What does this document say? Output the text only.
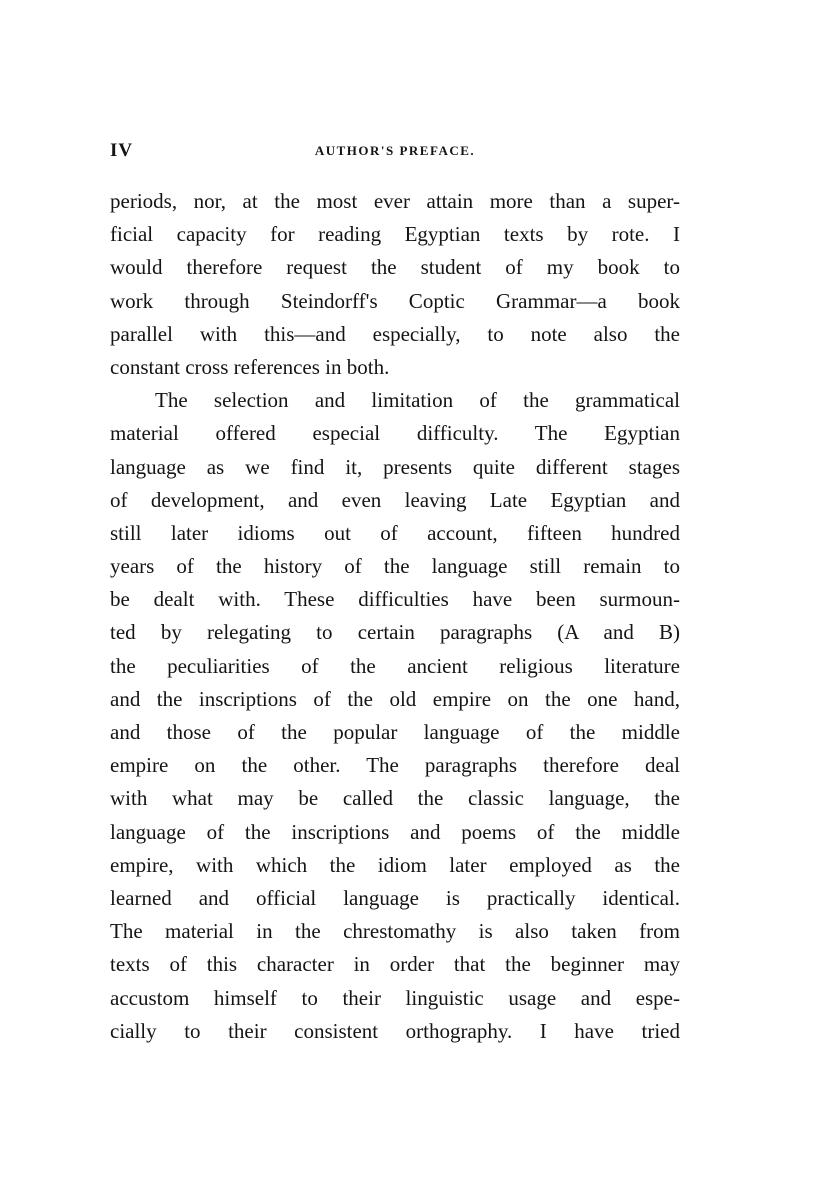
IV	AUTHOR'S PREFACE.
periods, nor, at the most ever attain more than a super-
ficial capacity for reading Egyptian texts by rote. I
would therefore request the student of my book to
work through Steindorff's Coptic Grammar—a book
parallel with this—and especially, to note also the
constant cross references in both.
The selection and limitation of the grammatical
material offered especial difficulty. The Egyptian
language as we find it, presents quite different stages
of development, and even leaving Late Egyptian and
still later idioms out of account, fifteen hundred
years of the history of the language still remain to
be dealt with. These difficulties have been surmoun-
ted by relegating to certain paragraphs (A and B)
the peculiarities of the ancient religious literature
and the inscriptions of the old empire on the one hand,
and those of the popular language of the middle
empire on the other. The paragraphs therefore deal
with what may be called the classic language, the
language of the inscriptions and poems of the middle
empire, with which the idiom later employed as the
learned and official language is practically identical.
The material in the chrestomathy is also taken from
texts of this character in order that the beginner may
accustom himself to their linguistic usage and espe-
cially to their consistent orthography. I have tried
